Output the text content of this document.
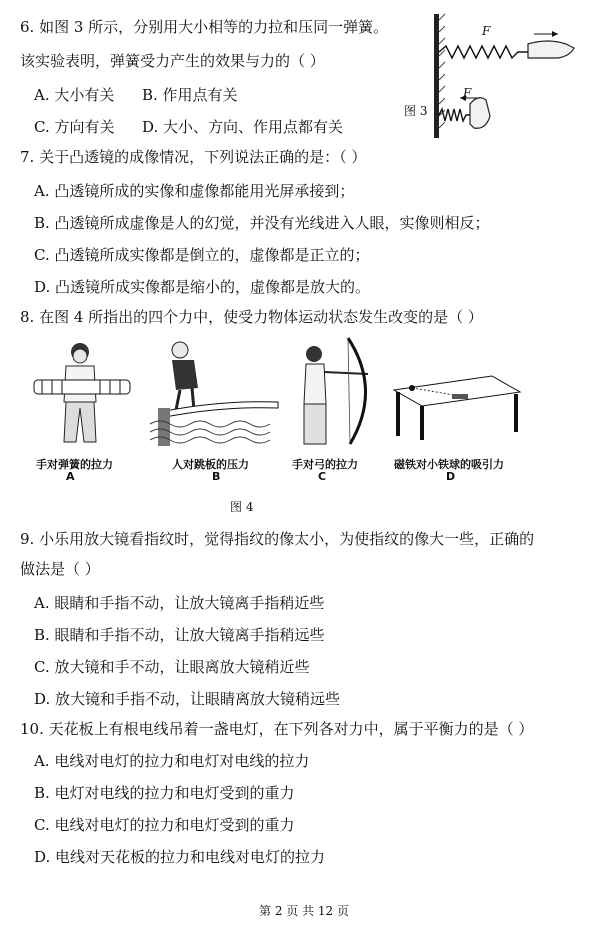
6. 如图 3 所示，分别用大小相等的力拉和压同一弹簧。
该实验表明，弹簧受力产生的效果与力的（ ）
A. 大小有关 B. 作用点有关
C. 方向有关 D. 大小、方向、作用点都有关
F
F
图 3
7. 关于凸透镜的成像情况，下列说法正确的是：（ ）
A. 凸透镜所成的实像和虚像都能用光屏承接到；
B. 凸透镜所成虚像是人的幻觉，并没有光线进入人眼，实像则相反；
C. 凸透镜所成实像都是倒立的，虚像都是正立的；
D. 凸透镜所成实像都是缩小的，虚像都是放大的。
8. 在图 4 所指出的四个力中，使受力物体运动状态发生改变的是（ ）
手对弹簧的拉力
A
人对跳板的压力
B
手对弓的拉力
C
磁铁对小铁球的吸引力
D
图 4
9. 小乐用放大镜看指纹时，觉得指纹的像太小，为使指纹的像大一些，正确的
做法是（ ）
A. 眼睛和手指不动，让放大镜离手指稍近些
B. 眼睛和手指不动，让放大镜离手指稍远些
C. 放大镜和手不动，让眼离放大镜稍近些
D. 放大镜和手指不动，让眼睛离放大镜稍远些
10. 天花板上有根电线吊着一盏电灯，在下列各对力中，属于平衡力的是（ ）
A. 电线对电灯的拉力和电灯对电线的拉力
B. 电灯对电线的拉力和电灯受到的重力
C. 电线对电灯的拉力和电灯受到的重力
D. 电线对天花板的拉力和电线对电灯的拉力
第 2 页 共 12 页
